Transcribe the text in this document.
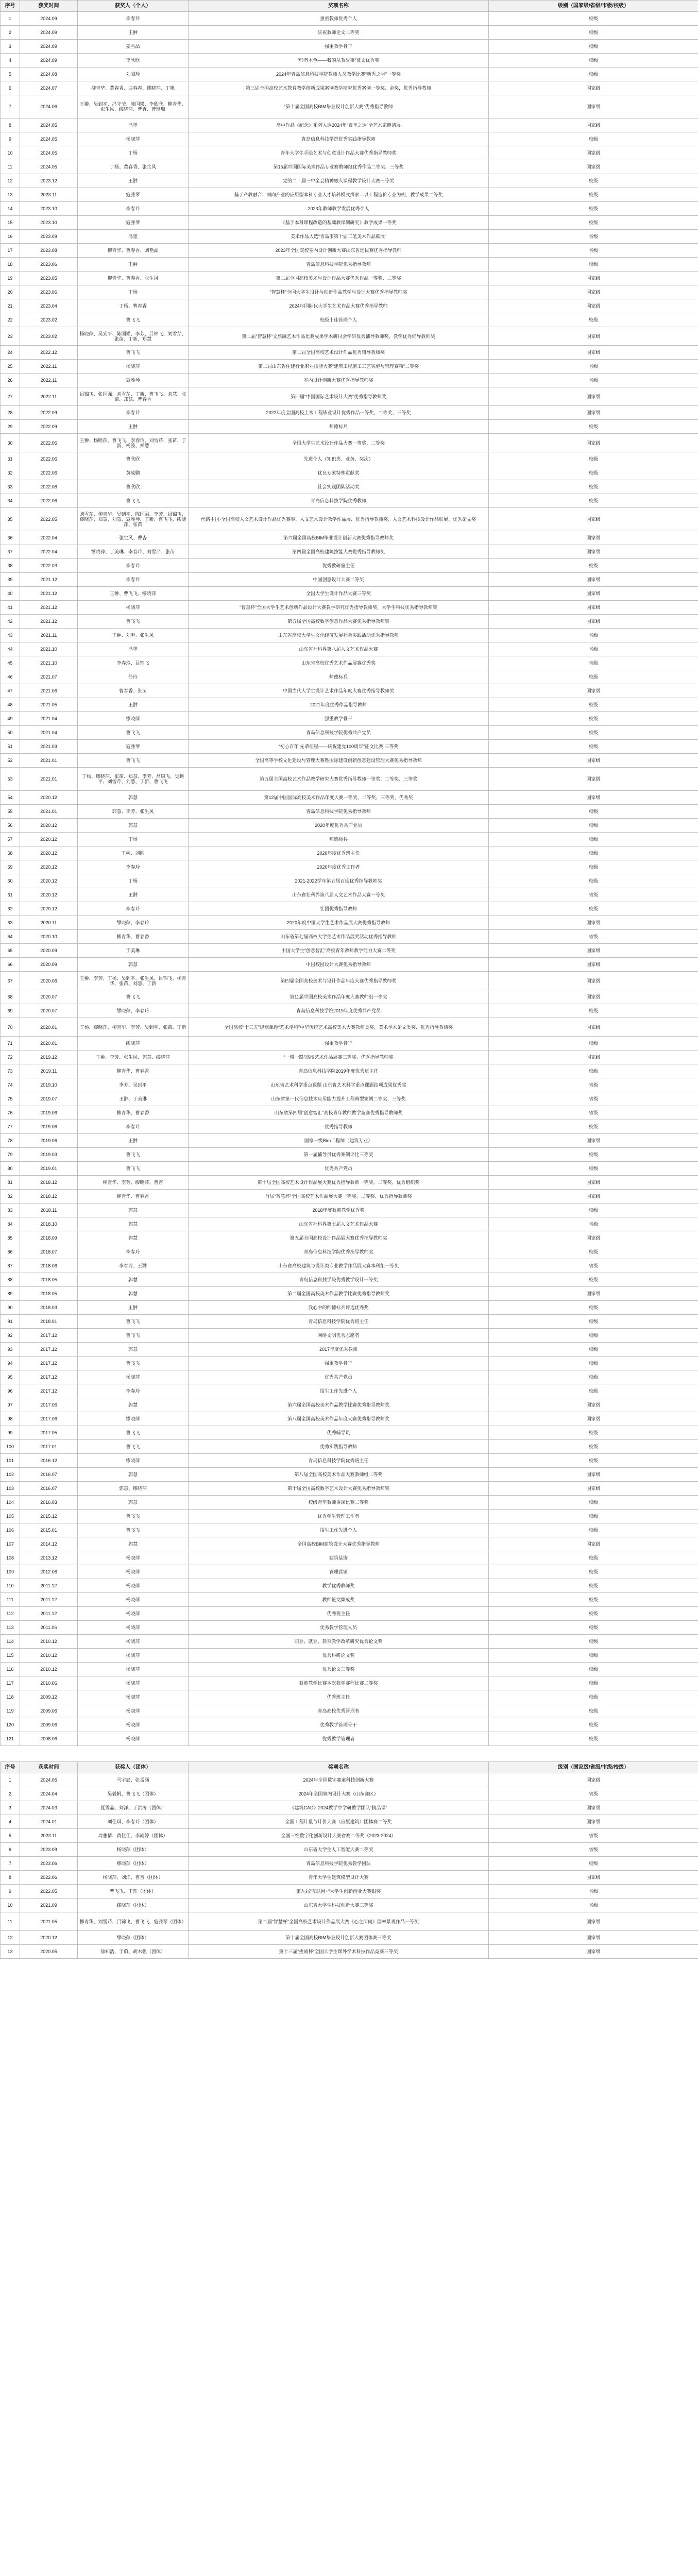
序号	获奖时间	获奖人（个人）	奖项名称	级别（国家级/省级/市级/校级）
1	2024.09	李春玲	强重教师优秀个人	校级
2	2024.09	王翀	庆祝教师论文二等奖	校级
3	2024.09	姜雪晶	强重教学骨干	校级
4	2024.09	李欣欣	“师者本色——我的从教故事”征文优秀奖	校级
5	2024.08	刘昭玲	2024年青岛信息科技学院教师人员教学比赛“新秀之星”一等奖	校级
6	2024.07	柳青华、黄春香、曲春春、缪晓萍、丁艳	第三届全国高校艺术教育教学创新成果案例教学研究优秀案例一等奖、金奖，优秀指导教师	国家级
7	2024.06	王翀、吴到平、冯守莹、陈国梁、李欣欣、柳青华、张生风、缪晓萍、曹杏、曹珊珊	“第十届全国高校BIM毕业设计创新大赛”优秀指导教师	国家级
8	2024.05	冯墨	高中作品《纪念》系列入选2024年“百年之选”全艺术家邀请展	国家级
9	2024.05	杨晓萍	青岛信息科技学院优秀实践指导教师	校级
10	2024.05	丁杨	青年大学生手绘艺术与创意设计作品大赛优秀指导教师奖	国家级
11	2024.05	丁杨、黄春香、张生风	第15届中国国际美术作品专业赛教师组优秀作品二等奖、三等奖	国家级
12	2023.12	王翀	党的二十届三中全会精神融入课程教学设计大赛一等奖	校级
13	2023.11	寇雅琴	基于产教融合、面向产业的应用型本科专业人才培养模式探索—以工程造价专业为例，教学成果二等奖	校级
14	2023.10	李春玲	2023年教师教学发展优秀个人	校级
15	2023.10	寇雅琴	《基于本科课程改造的基础教课例研究》教学成果一等奖	校级
16	2023.09	冯墨	美术作品入选“青岛市第十届工笔美术作品联展”	省级
17	2023.08	柳青华、曹春香、刘艳晶	2023年全国院校室内设计创新大赛山东省选拔赛优秀指导教师	省级
18	2023.06	王翀	青岛信息科技学院优秀指导教师	校级
19	2023.05	柳青华、曹春香、张生风	第二届全国高校美术与设计作品大赛优秀作品一等奖、二等奖	国家级
20	2023.06	丁杨	“智慧杯”全国大学生设计与创新作品教学与设计大赛优秀指导教师奖	国家级
21	2023.04	丁杨、曹春香	2024年国际代大学生艺术作品大赛优秀指导教师	国家级
22	2023.02	曹飞飞	校级十佳管理个人	校级
23	2023.02	杨晓萍、吴到平、陈国梁、李芳、吕锦飞、刘雪芹、张苗、丁新、郑慧	第二届“智慧杯”文旅融艺术作品比赛成果学术研讨会学研优秀辅导教师奖、教学优秀辅导教师奖	国家级
24	2022.12	曹飞飞	第二届全国高校艺术设计作品优秀辅导教师奖	国家级
25	2022.11	杨晓萍	第二届山东省住建行业职业技能大赛“建筑工程施工工艺实施与管理赛项”二等奖	省级
26	2022.11	寇雅琴	室内设计创新大赛优秀指导教师奖	省级
27	2022.11	吕锦飞、张国强、刘雪芹、丁新、曹飞飞、刘慧、张苗、郑慧、曹春香	第四届“中国国际艺术设计大赛”优秀指导教师奖	国家级
28	2022.09	李春玲	2022年度全国高校土木工程毕业设计优秀作品一等奖、二等奖、三等奖	国家级
29	2022.09	王翀	师德标兵	校级
30	2022.06	王翀、杨晓萍、曹飞飞、李春玲、刘雪芹、张苗、丁新、杨波、郑慧	全国大学生艺术设计作品大赛一等奖、二等奖	国家级
31	2022.06	曹欣欣	先进个人（知识类、业务、奖次）	校级
32	2022.06	黄成鹏	优良专家特殊贡献奖	校级
33	2022.06	曹欣欣	社会实践团队活动奖	校级
34	2022.06	曹飞飞	青岛信息科技学院优秀教师	校级
35	2022.05	刘雪芹、柳青华、吴到平、陈国梁、李芳、吕锦飞、缪晓萍、郑慧、刘慧、寇雅琴、丁新、曹飞飞、缪晓萍、张苗	丝路中国·全国高校人文艺术设计作品优秀赛事、人文艺术设计教学作品展、优秀指导教师奖、人文艺术科技设计作品联展、优秀论文奖	国家级
36	2022.04	张生风、曹杏	第六届全国高校BIM毕业设计创新大赛优秀指导教师奖	国家级
37	2022.04	缪晓萍、于美琳、李春玲、刘雪芹、张苗	第四届全国高校建筑技能大赛优秀指导教师奖	国家级
38	2022.03	李春玲	优秀教研室主任	校级
39	2021.12	李春玲	中国创意设计大赛二等奖	国家级
40	2021.12	王翀、曹飞飞、缪晓萍	全国大学生设计作品大赛三等奖	国家级
41	2021.12	杨晓萍	“智慧杯”全国大学生艺术创新作品设计大赛教学研究优秀指导教师奖、大学生科技优秀指导教师奖	国家级
42	2021.12	曹飞飞	第五届全国高校数字创意作品大赛优秀指导教师奖	国家级
43	2021.11	王翀、刘尹、张生风	山东省高校大学生文化经济发展社会实践活动优秀指导教师	省级
44	2021.10	冯墨	山东省社科界第八届人文艺术作品大赛	省级
45	2021.10	李春玲、吕锦飞	山东省高校优秀艺术作品展赛优秀奖	省级
46	2021.07	任玲	师德标兵	校级
47	2021.06	曹春香、张苗	中国当代大学生设计艺术作品年度大赛优秀指导教师奖	国家级
48	2021.05	王翀	2021年度优秀作品指导教师	校级
49	2021.04	缪晓萍	强重教学骨干	校级
50	2021.04	曹飞飞	青岛信息科技学院优秀共产党员	校级
51	2021.03	寇雅琴	“初心百年 先辈征程——庆祝建党100周年”征文比赛 三等奖	校级
52	2021.01	曹飞飞	全国高等学校文化建设与管理大赛暨国际建设创新创意建设管理大赛优秀指导教师	国家级
53	2021.01	丁杨、缪晓萍、张苗、郑慧、李芳、吕锦飞、吴到平、刘雪芹、刘慧、丁新、曹飞飞	第五届全国高校艺术作品教学研究大赛优秀指导教师一等奖、二等奖、三等奖	国家级
54	2020.12	郭慧	第12届中国国际高校美术作品年度大赛一等奖、二等奖、三等奖、优秀奖	国家级
55	2021.01	郭慧、李芳、张生风	青岛信息科技学院优秀指导教师	校级
56	2020.12	郭慧	2020年度优秀共产党员	校级
57	2020.12	丁杨	师德标兵	校级
58	2020.12	王翀、刘圆	2020年度优秀班主任	校级
59	2020.12	李春玲	2020年度优秀工作者	校级
60	2020.12	丁杨	2021-2022学年第五届百度优秀指导教师奖	校级
61	2020.12	王翀	山东省社科界第八届人文艺术作品大赛一等奖	省级
62	2020.12	李春玲	社团优秀指导教师	校级
63	2020.11	缪晓萍、李春玲	2020年度中国大学生艺术作品展大赛优秀指导教师	国家级
64	2020.10	柳青华、曹春香	山东省第七届高校大学生艺术作品展奖活动优秀指导教师	省级
65	2020.09	于美琳	中国大学生“创意智汇”高校青年教师教学能力大赛二等奖	国家级
66	2020.09	郭慧	中国校园设计大赛优秀指导教师	国家级
67	2020.06	王翀、李芳、丁杨、吴到平、张生风、吕锦飞、柳青华、张苗、刘慧、丁新	第四届全国高校美术与设计作品年度大赛优秀指导教师奖	国家级
68	2020.07	曹飞飞	第11届中国高校美术作品年度大赛教师组一等奖	国家级
69	2020.07	缪晓萍、李春玲	青岛信息科技学院2019年度优秀共产党员	校级
70	2020.01	丁杨、缪晓萍、柳青华、李芳、吴到平、张苗、丁新	全国高校“十三五”规划课题“艺术学科”中华传统艺术高校美术大赛教师类奖、美术学术论文类奖、优秀指导教师奖	国家级
71	2020.01	缪晓萍	强重教学骨干	校级
72	2019.12	王翀、李芳、张生风、郭慧、缪晓萍	“一带一路”高校艺术作品展赛三等奖、优秀指导教师奖	国家级
73	2019.11	柳青华、曹春香	青岛信息科技学院2019年度优秀班主任	校级
74	2019.10	李芳、吴到平	山东省艺术科学重点课题 山东省艺术科学重点课题结项成果优秀奖	省级
75	2019.07	王翀、于美琳	山东省第一代信息技术应用能力提升工程典型案例二等奖、三等奖	省级
76	2019.06	柳青华、曹春香	山东省第四届“创意智汇”高校青年教师教学竞赛优秀指导教师奖	省级
77	2019.06	李春玲	优秀指导教师	校级
78	2019.06	王翀	国家一级Bim工程师（建筑专业）	国家级
79	2019.03	曹飞飞	第一届辅导员优秀案例评比三等奖	校级
80	2019.01	曹飞飞	优秀共产党员	校级
81	2018.12	柳青华、李芳、缪晓萍、曹杏	第十届全国高校艺术设计作品展大赛优秀指导教师一等奖、二等奖、优秀组织奖	国家级
82	2018.12	柳青华、曹春香	首届“智慧杯”全国高校艺术作品展大赛一等奖、二等奖、优秀指导教师奖	国家级
83	2018.11	郭慧	2018年度教师教学优秀奖	校级
84	2018.10	郭慧	山东省社科界第七届人文艺术作品大赛	省级
85	2018.09	郭慧	第五届全国高校设计作品展大赛优秀指导教师奖	国家级
86	2018.07	李春玲	青岛信息科技学院优秀指导教师奖	校级
87	2018.06	李春玲、王翀	山东省高校建筑与设计类专业教学作品展大赛本科组一等奖	省级
88	2018.05	郭慧	青岛信息科技学院优秀教学设计一等奖	校级
89	2018.05	郭慧	第二届全国高校美术作品教学比赛优秀指导教师奖	国家级
90	2018.03	王翀	我心中的师德标兵评选优秀奖	校级
91	2018.01	曹飞飞	青岛信息科技学院优秀班主任	校级
92	2017.12	曹飞飞	网络文明优秀志愿者	校级
93	2017.12	郭慧	2017年度优秀教师	校级
94	2017.12	曹飞飞	强重教学骨干	校级
95	2017.12	杨晓萍	优秀共产党员	校级
96	2017.12	李春玲	招生工作先进个人	校级
97	2017.06	郭慧	第六届全国高校美术作品教学比赛优秀指导教师奖	国家级
98	2017.06	缪晓萍	第八届全国高校美术作品年度大赛优秀指导教师奖	国家级
99	2017.05	曹飞飞	优秀辅导员	校级
100	2017.01	曹飞飞	优秀实践指导教师	校级
101	2016.12	缪晓萍	青岛信息科技学院优秀班主任	校级
102	2016.07	郭慧	第八届全国高校美术作品大赛教师组二等奖	国家级
103	2016.07	郭慧、缪晓萍	第十届全国高校数字艺术设计大赛优秀指导教师奖	国家级
104	2016.03	郭慧	校级青年教师讲课比赛二等奖	校级
105	2015.12	曹飞飞	优秀学生管理工作者	校级
106	2015.01	曹飞飞	招生工作先进个人	校级
107	2014.12	郭慧	全国高校BIM建筑设计大赛优秀指导教师	国家级
108	2013.12	杨晓萍	建筑装饰	校级
109	2012.06	杨晓萍	管理营销	校级
110	2011.12	杨晓萍	教学优秀教师奖	校级
111	2011.12	杨晓萍	教师论文集成奖	校级
112	2011.12	杨晓萍	优秀班主任	校级
113	2011.06	杨晓萍	优秀教学管理人员	校级
114	2010.12	杨晓萍	职业、就业、教育教学改革研究优秀论文奖	校级
115	2010.12	杨晓萍	优秀科研论文奖	校级
116	2010.12	杨晓萍	优秀论文三等奖	校级
117	2010.06	杨晓萍	教师教学比赛本次教学赛程比赛二等奖	校级
118	2009.12	杨晓萍	优秀班主任	校级
119	2009.06	杨晓萍	青岛高校优秀管理者	校级
120	2009.06	杨晓萍	优秀教学管理骨干	校级
121	2008.06	杨晓萍	优秀教学管理者	校级
序号	获奖时间	获奖人（团体）	奖项名称	级别（国家级/省级/市级/校级）
1	2024.05	马宇辰、张孟涵	2024年全国数字赛道科技创新大赛	国家级
2	2024.04	吴毅帆、曹飞飞（团体）	2024年全国室内设计大赛（山东赛区）	省级
3	2024.03	夏雪晶、刘洋、于洪涛（团体）	《建筑CAD》2024教学中学研教学团队“精品课”	国家级
4	2024.01	刘佳琪、李春玲（团体）	全国工程计量与计价大赛（房屋建筑）团体赛二等奖	国家级
5	2023.11	周雅倩、黄佳佳、李雨婷（团体）	全国三维数字化创新设计大赛省赛二等奖（2023-2024）	省级
6	2023.09	杨晓萍（团体）	山东省大学生人工智能大赛二等奖	省级
7	2023.06	缪晓萍（团体）	青岛信息科技学院优秀教学团队	校级
8	2022.06	杨晓萍、刘洋、曹杏（团体）	青年大学生建筑模型设计大赛	国家级
9	2022.05	曹飞飞、王珏（团体）	第九届“互联网+”大学生创新创业大赛银奖	省级
10	2021.09	缪晓萍（团体）	山东省大学生科技创新大赛三等奖	省级
11	2021.05	柳青华、刘雪芹、吕锦飞、曹飞飞、寇雅琴（团体）	第二届“智慧杯”全国高校艺术设计作品展大赛《心之所向》园林景观作品一等奖	国家级
12	2020.12	缪晓萍（团体）	第十届全国高校BIM毕业设计创新大赛团体赛三等奖	国家级
13	2020.05	徐知浩、于蔚、胡木强（团体）	第十三届“挑战杯”全国大学生课外学术科技作品竞赛三等奖	国家级
